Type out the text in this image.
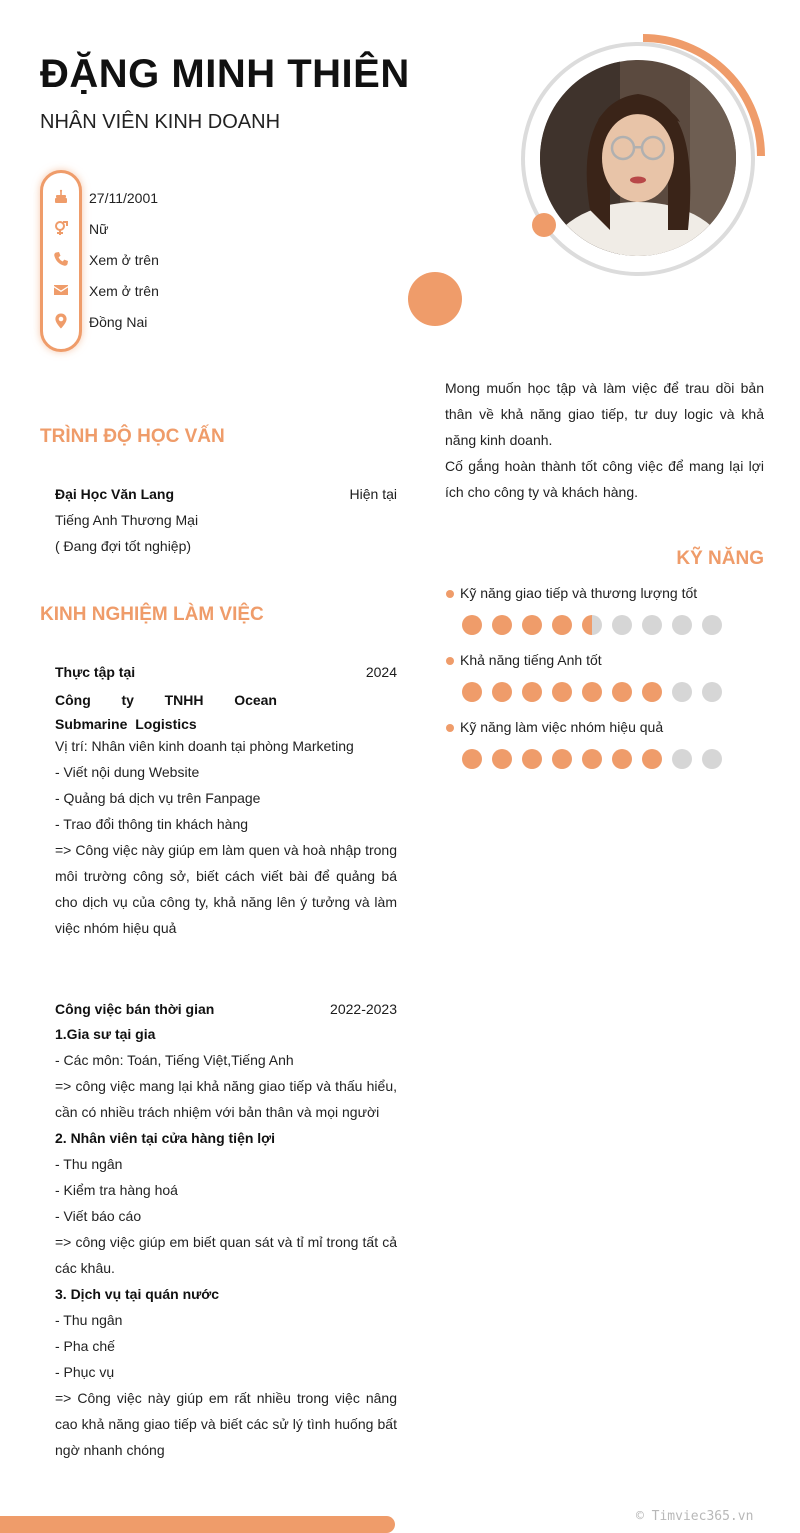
ĐẶNG MINH THIÊN
NHÂN VIÊN KINH DOANH
27/11/2001
Nữ
Xem ở trên
Xem ở trên
Đồng Nai
Mong muốn học tập và làm việc để trau dồi bản thân về khả năng giao tiếp, tư duy logic và khả năng kinh doanh.
Cố gắng hoàn thành tốt công việc để mang lại lợi ích cho công ty và khách hàng.
TRÌNH ĐỘ HỌC VẤN
Đại Học Văn Lang	Hiện tại
Tiếng Anh Thương Mại
( Đang đợi tốt nghiệp)
KINH NGHIỆM LÀM VIỆC
Thực tập tại	2024
Công ty TNHH Ocean Submarine Logistics
Vị trí: Nhân viên kinh doanh tại phòng Marketing
- Viết nội dung Website
- Quảng bá dịch vụ trên Fanpage
- Trao đổi thông tin khách hàng
=> Công việc này giúp em làm quen và hoà nhập trong môi trường công sở, biết cách viết bài để quảng bá cho dịch vụ của công ty, khả năng lên ý tưởng và làm việc nhóm hiệu quả
Công việc bán thời gian	2022-2023
1.Gia sư tại gia
- Các môn: Toán, Tiếng Việt,Tiếng Anh
=> công việc mang lại khả năng giao tiếp và thấu hiểu, cần có nhiều trách nhiệm với bản thân và mọi người
2. Nhân viên tại cửa hàng tiện lợi
- Thu ngân
- Kiểm tra hàng hoá
- Viết báo cáo
=> công việc giúp em biết quan sát và tỉ mỉ trong tất cả các khâu.
3. Dịch vụ tại quán nước
- Thu ngân
- Pha chế
- Phục vụ
=> Công việc này giúp em rất nhiều trong việc nâng cao khả năng giao tiếp và biết các sử lý tình huống bất ngờ nhanh chóng
KỸ NĂNG
Kỹ năng giao tiếp và thương lượng tốt
Khả năng tiếng Anh tốt
Kỹ năng làm việc nhóm hiệu quả
© Timviec365.vn
